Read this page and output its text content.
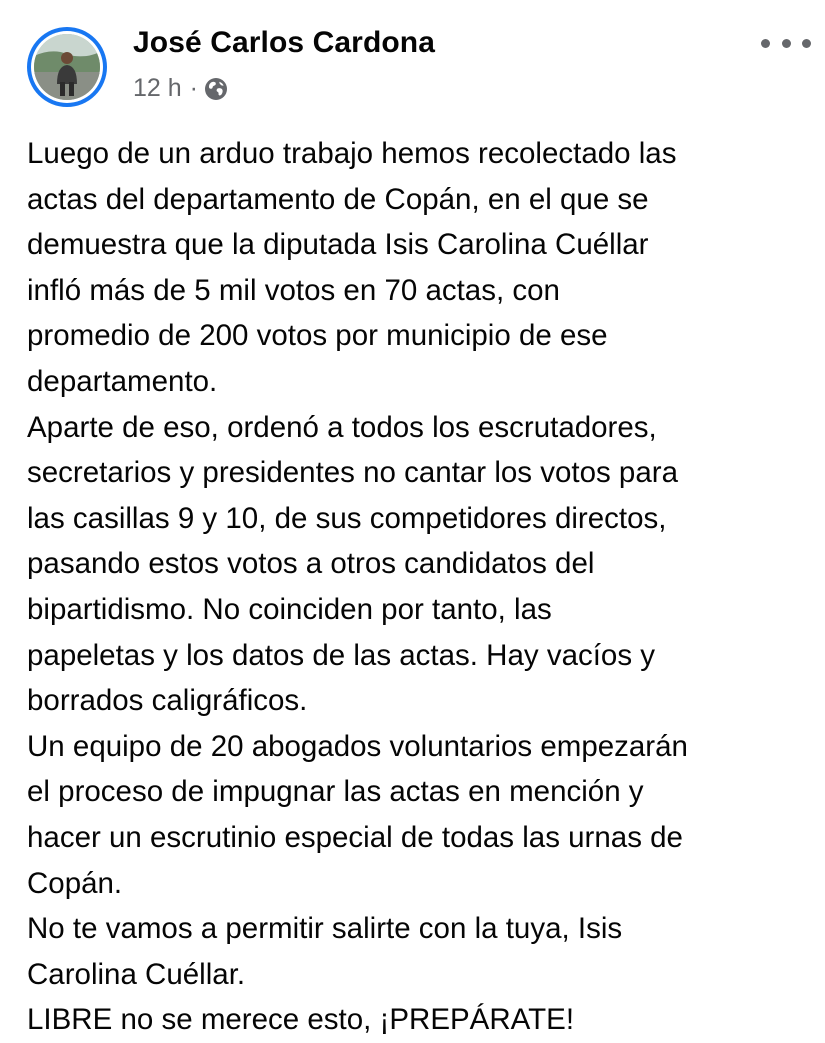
José Carlos Cardona
12 h ·

Luego de un arduo trabajo hemos recolectado las

actas del departamento de Copán, en el que se

demuestra que la diputada Isis Carolina Cuéllar

infló más de 5 mil votos en 70 actas, con

promedio de 200 votos por municipio de ese

departamento.

Aparte de eso, ordenó a todos los escrutadores,

secretarios y presidentes no cantar los votos para

las casillas 9 y 10, de sus competidores directos,

pasando estos votos a otros candidatos del

bipartidismo. No coinciden por tanto, las

papeletas y los datos de las actas. Hay vacíos y

borrados caligráficos.

Un equipo de 20 abogados voluntarios empezarán

el proceso de impugnar las actas en mención y

hacer un escrutinio especial de todas las urnas de

Copán.

No te vamos a permitir salirte con la tuya, Isis

Carolina Cuéllar.

LIBRE no se merece esto, ¡PREPÁRATE!
